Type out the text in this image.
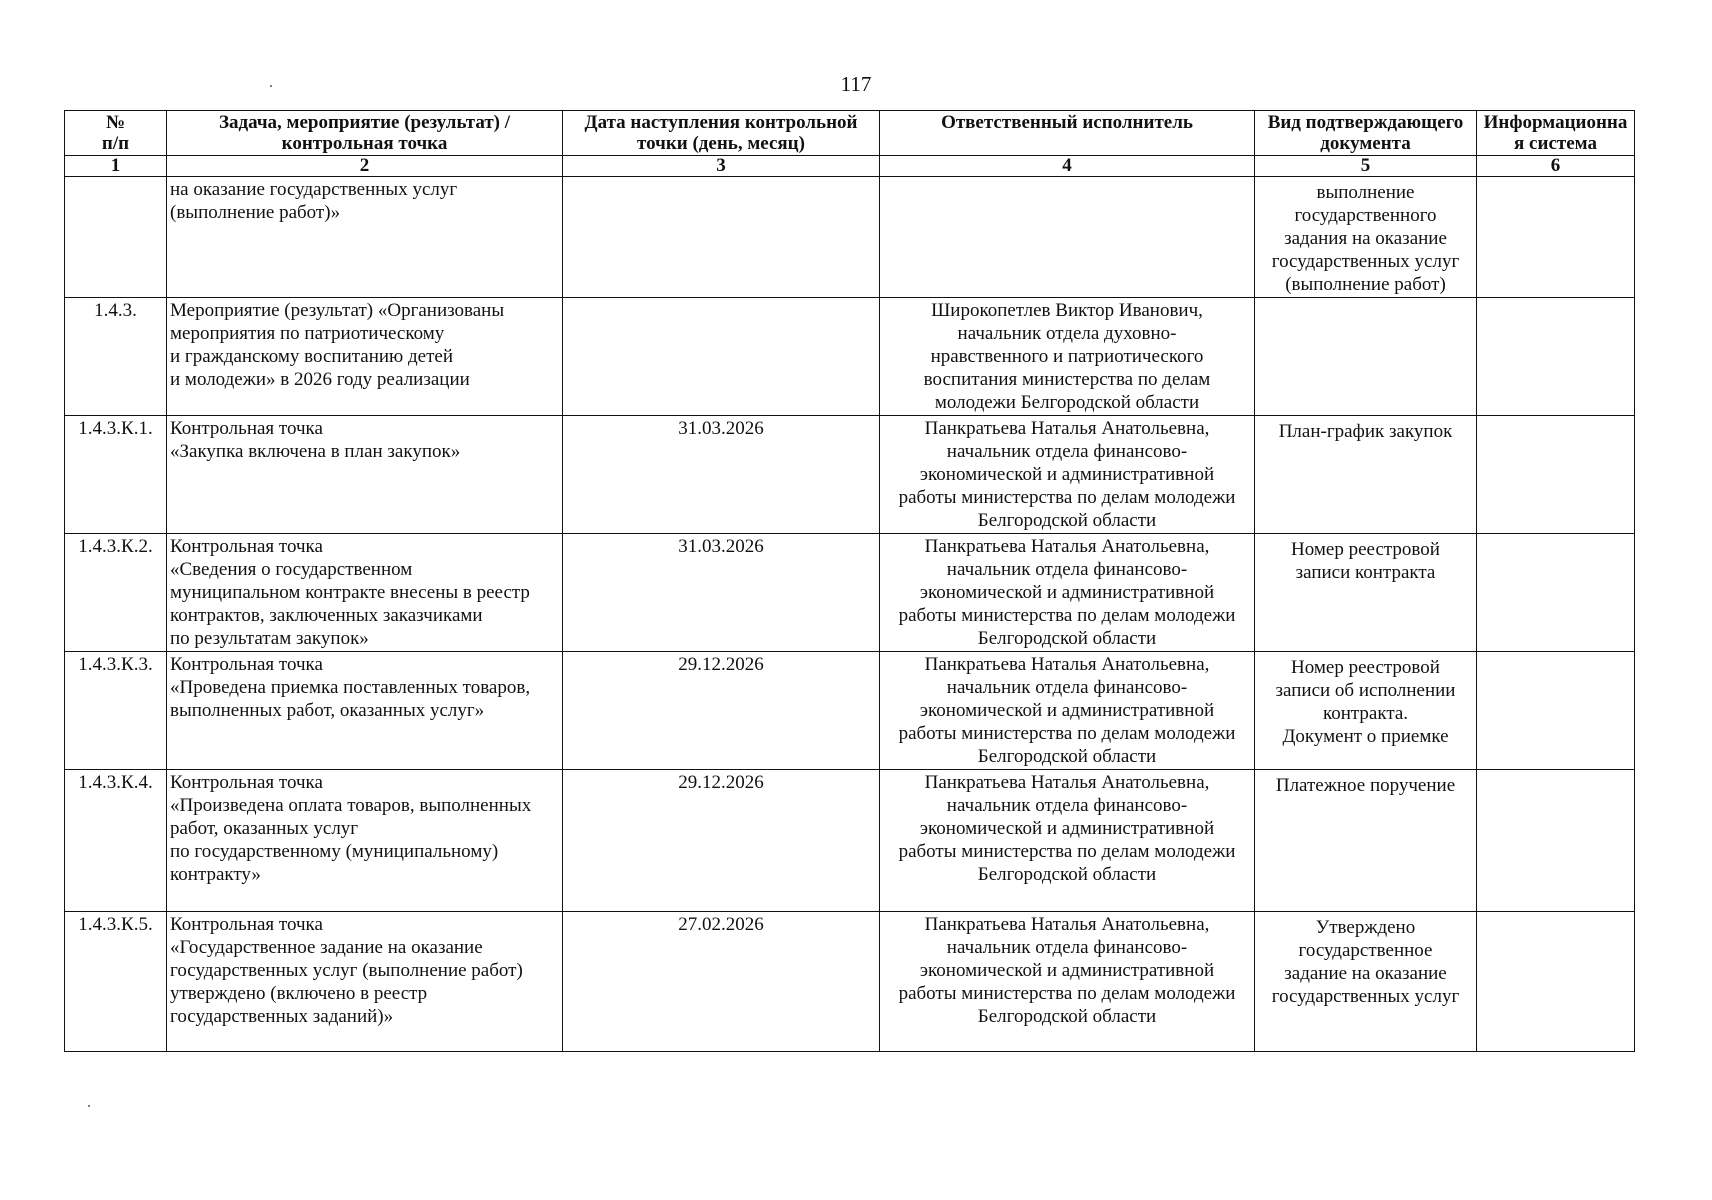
117
№
п/п	Задача, мероприятие (результат) / контрольная точка	Дата наступления контрольной точки (день, месяц)	Ответственный исполнитель	Вид подтверждающего документа	Информационная система
1	2	3	4	5	6
	на оказание государственных услуг
(выполнение работ)»			выполнение
государственного
задания на оказание
государственных услуг
(выполнение работ)	
1.4.3.	Мероприятие (результат) «Организованы
мероприятия по патриотическому
и гражданскому воспитанию детей
и молодежи» в 2026 году реализации		Широкопетлев Виктор Иванович,
начальник отдела духовно-
нравственного и патриотического
воспитания министерства по делам
молодежи Белгородской области		
1.4.3.К.1.	Контрольная точка
«Закупка включена в план закупок»	31.03.2026	Панкратьева Наталья Анатольевна,
начальник отдела финансово-
экономической и административной
работы министерства по делам молодежи
Белгородской области	План-график закупок	
1.4.3.К.2.	Контрольная точка
«Сведения о государственном
муниципальном контракте внесены в реестр
контрактов, заключенных заказчиками
по результатам закупок»	31.03.2026	Панкратьева Наталья Анатольевна,
начальник отдела финансово-
экономической и административной
работы министерства по делам молодежи
Белгородской области	Номер реестровой
записи контракта	
1.4.3.К.3.	Контрольная точка
«Проведена приемка поставленных товаров,
выполненных работ, оказанных услуг»	29.12.2026	Панкратьева Наталья Анатольевна,
начальник отдела финансово-
экономической и административной
работы министерства по делам молодежи
Белгородской области	Номер реестровой
записи об исполнении
контракта.
Документ о приемке	
1.4.3.К.4.	Контрольная точка
«Произведена оплата товаров, выполненных
работ, оказанных услуг
по государственному (муниципальному)
контракту»	29.12.2026	Панкратьева Наталья Анатольевна,
начальник отдела финансово-
экономической и административной
работы министерства по делам молодежи
Белгородской области	Платежное поручение	
1.4.3.К.5.	Контрольная точка
«Государственное задание на оказание
государственных услуг (выполнение работ)
утверждено (включено в реестр
государственных заданий)»	27.02.2026	Панкратьева Наталья Анатольевна,
начальник отдела финансово-
экономической и административной
работы министерства по делам молодежи
Белгородской области	Утверждено
государственное
задание на оказание
государственных услуг	
